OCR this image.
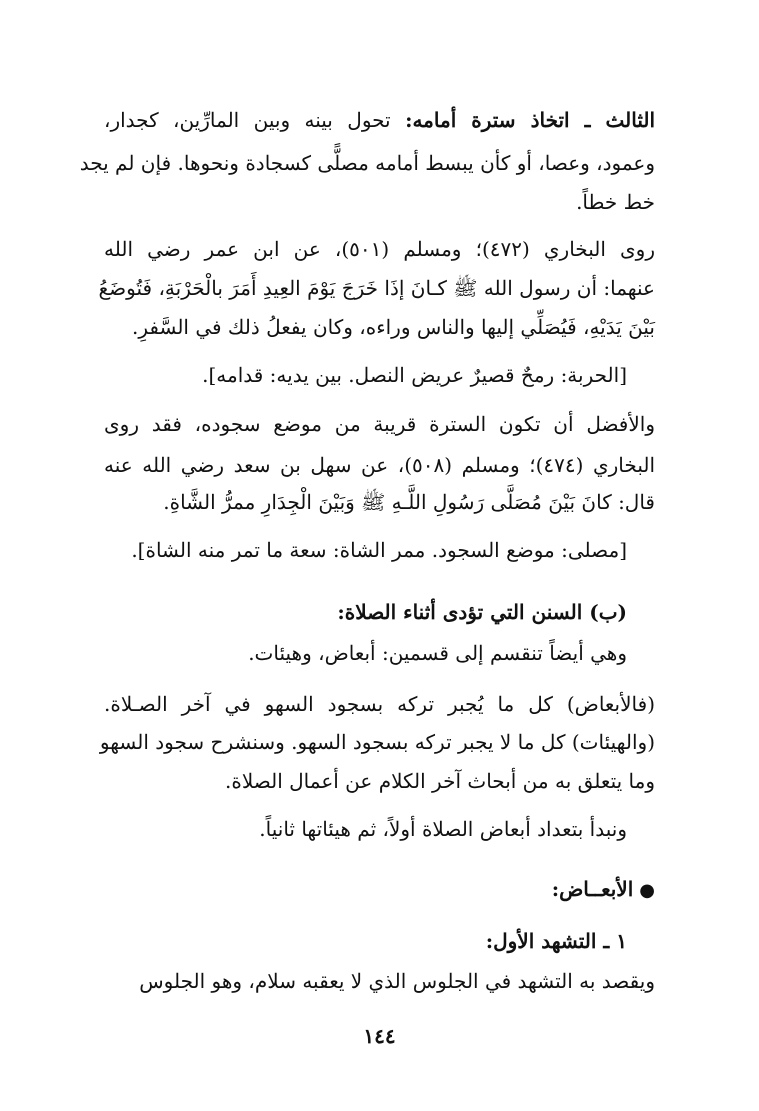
الثالث ـ اتخاذ سترة أمامه: تحول بينه وبين المارِّين، كجدار،
وعمود، وعصا، أو كأن يبسط أمامه مصلًّى كسجادة ونحوها. فإن لم يجد
خط خطاً.
روى البخاري (٤٧٢)؛ ومسلم (٥٠١)، عن ابن عمر رضي الله
عنهما: أن رسول الله ﷺ كـانَ إذَا خَرَجَ يَوْمَ العِيدِ أَمَرَ بالْحَرْبَةِ، فَتُوضَعُ
بَيْنَ يَدَيْهِ، فَيُصَلِّي إليها والناس وراءه، وكان يفعلُ ذلك في السَّفرِ.
[الحربة: رمحٌ قصيرٌ عريض النصل. بين يديه: قدامه].
والأفضل أن تكون السترة قريبة من موضع سجوده، فقد روى
البخاري (٤٧٤)؛ ومسلم (٥٠٨)، عن سهل بن سعد رضي الله عنه
قال: كانَ بَيْنَ مُصَلَّى رَسُولِ اللَّـهِ ﷺ وَبَيْنَ الْجِدَارِ ممرُّ الشَّاةِ.
[مصلى: موضع السجود. ممر الشاة: سعة ما تمر منه الشاة].
(ب) السنن التي تؤدى أثناء الصلاة:
وهي أيضاً تنقسم إلى قسمين: أبعاض، وهيئات.
(فالأبعاض) كل ما يُجبر تركه بسجود السهو في آخر الصـلاة.
(والهيئات) كل ما لا يجبر تركه بسجود السهو. وسنشرح سجود السهو
وما يتعلق به من أبحاث آخر الكلام عن أعمال الصلاة.
ونبدأ بتعداد أبعاض الصلاة أولاً، ثم هيئاتها ثانياً.
●الأبعــاض:
١ ـ التشهد الأول:
ويقصد به التشهد في الجلوس الذي لا يعقبه سلام، وهو الجلوس
١٤٤
